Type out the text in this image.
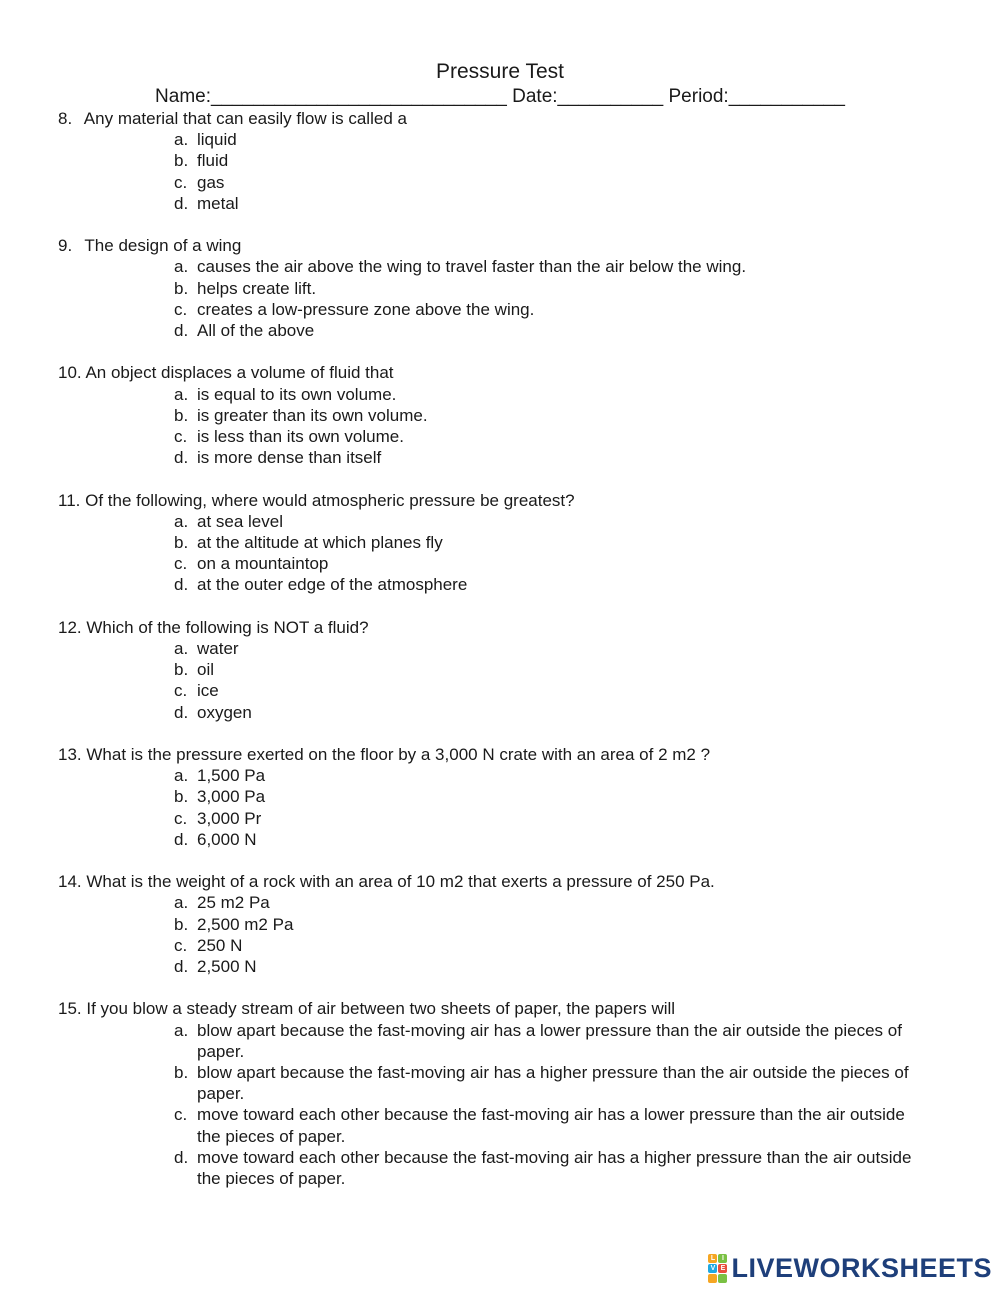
Pressure Test
Name:____________________________ Date:__________ Period:___________
8. Any material that can easily flow is called a
a. liquid
b. fluid
c. gas
d. metal
9. The design of a wing
a. causes the air above the wing to travel faster than the air below the wing.
b. helps create lift.
c. creates a low-pressure zone above the wing.
d. All of the above
10. An object displaces a volume of fluid that
a. is equal to its own volume.
b. is greater than its own volume.
c. is less than its own volume.
d. is more dense than itself
11. Of the following, where would atmospheric pressure be greatest?
a. at sea level
b. at the altitude at which planes fly
c. on a mountaintop
d. at the outer edge of the atmosphere
12. Which of the following is NOT a fluid?
a. water
b. oil
c. ice
d. oxygen
13. What is the pressure exerted on the floor by a 3,000 N crate with an area of 2 m2 ?
a. 1,500 Pa
b. 3,000 Pa
c. 3,000 Pr
d. 6,000 N
14. What is the weight of a rock with an area of 10 m2 that exerts a pressure of 250 Pa.
a. 25 m2 Pa
b. 2,500 m2 Pa
c. 250 N
d. 2,500 N
15. If you blow a steady stream of air between two sheets of paper, the papers will
a. blow apart because the fast-moving air has a lower pressure than the air outside the pieces of paper.
b. blow apart because the fast-moving air has a higher pressure than the air outside the pieces of paper.
c. move toward each other because the fast-moving air has a lower pressure than the air outside the pieces of paper.
d. move toward each other because the fast-moving air has a higher pressure than the air outside the pieces of paper.
L I
V E LIVEWORKSHEETS
